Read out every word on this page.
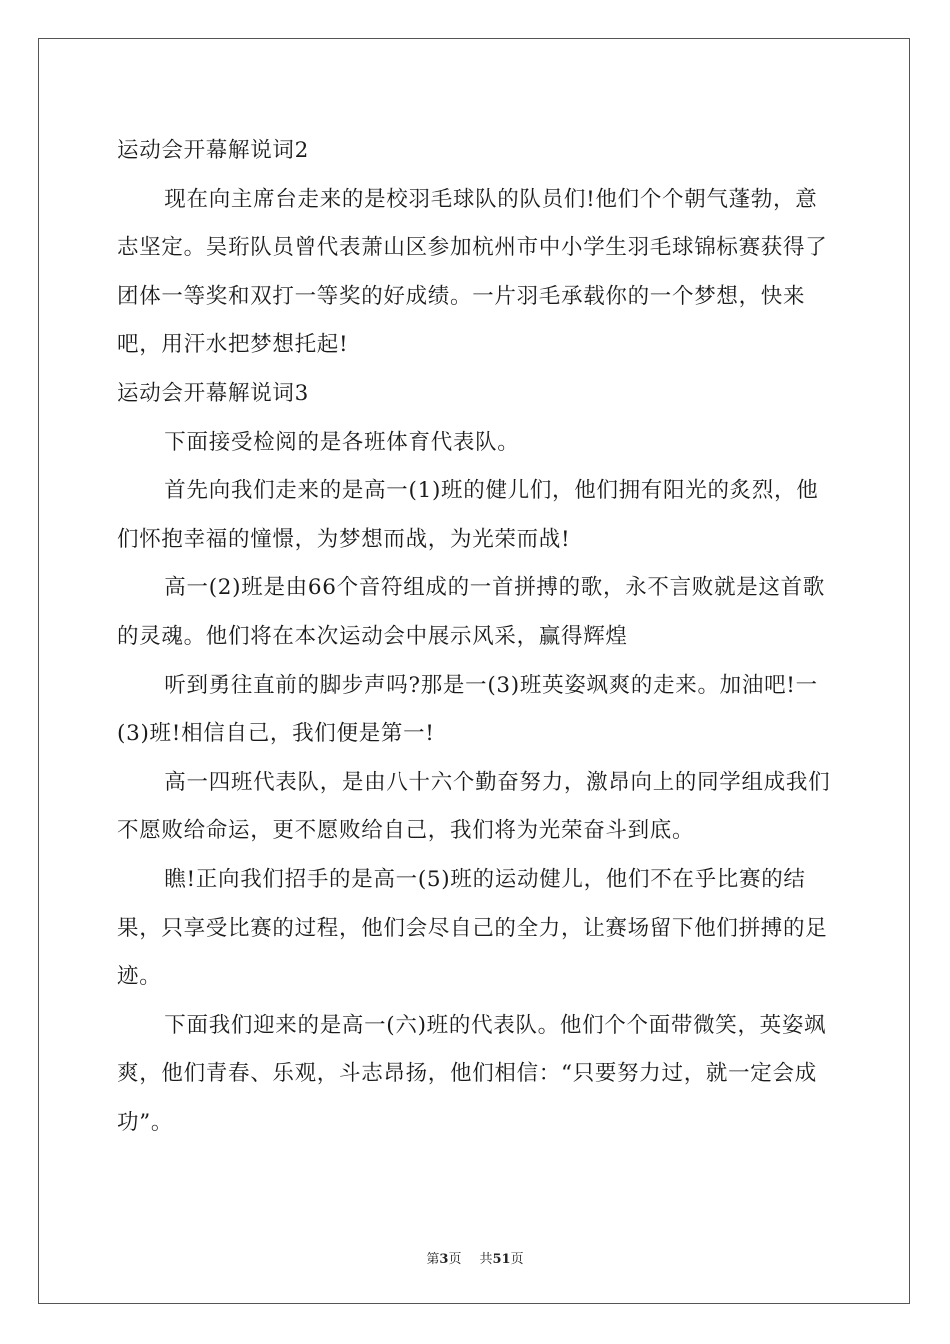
运动会开幕解说词2

现在向主席台走来的是校羽毛球队的队员们!他们个个朝气蓬勃，意志坚定。吴珩队员曾代表萧山区参加杭州市中小学生羽毛球锦标赛获得了团体一等奖和双打一等奖的好成绩。一片羽毛承载你的一个梦想，快来吧，用汗水把梦想托起!

运动会开幕解说词3

下面接受检阅的是各班体育代表队。

首先向我们走来的是高一(1)班的健儿们，他们拥有阳光的炙烈，他们怀抱幸福的憧憬，为梦想而战，为光荣而战!

高一(2)班是由66个音符组成的一首拼搏的歌，永不言败就是这首歌的灵魂。他们将在本次运动会中展示风采，赢得辉煌

听到勇往直前的脚步声吗?那是一(3)班英姿飒爽的走来。加油吧!一(3)班!相信自己，我们便是第一!

高一四班代表队，是由八十六个勤奋努力，激昂向上的同学组成我们不愿败给命运，更不愿败给自己，我们将为光荣奋斗到底。

瞧!正向我们招手的是高一(5)班的运动健儿，他们不在乎比赛的结果，只享受比赛的过程，他们会尽自己的全力，让赛场留下他们拼搏的足迹。

下面我们迎来的是高一(六)班的代表队。他们个个面带微笑，英姿飒爽，他们青春、乐观，斗志昂扬，他们相信：“只要努力过，就一定会成功”。

第3页 共51页
